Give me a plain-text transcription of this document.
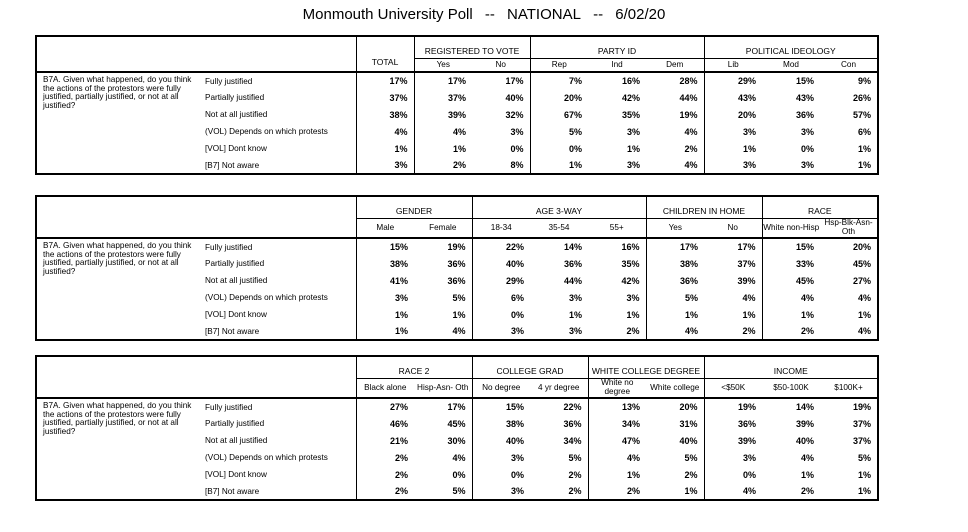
Monmouth University Poll -- NATIONAL -- 6/02/20
		TOTAL	REGISTERED TO VOTE		PARTY ID			POLITICAL IDEOLOGY		
			Yes	No	Rep	Ind	Dem	Lib	Mod	Con
B7A. Given what happened, do you think the actions of the protestors were fully justified, partially justified, or not at all justified?	Fully justified	17%	17%	17%	7%	16%	28%	29%	15%	9%
	Partially justified	37%	37%	40%	20%	42%	44%	43%	43%	26%
	Not at all justified	38%	39%	32%	67%	35%	19%	20%	36%	57%
	(VOL) Depends on which protests	4%	4%	3%	5%	3%	4%	3%	3%	6%
	[VOL] Dont know	1%	1%	0%	0%	1%	2%	1%	0%	1%
	[B7] Not aware	3%	2%	8%	1%	3%	4%	3%	3%	1%
		GENDER		AGE 3-WAY			CHILDREN IN HOME		RACE	
		Male	Female	18-34	35-54	55+	Yes	No	White non-Hisp	Hsp-Blk-Asn-Oth
B7A. Given what happened, do you think the actions of the protestors were fully justified, partially justified, or not at all justified?	Fully justified	15%	19%	22%	14%	16%	17%	17%	15%	20%
	Partially justified	38%	36%	40%	36%	35%	38%	37%	33%	45%
	Not at all justified	41%	36%	29%	44%	42%	36%	39%	45%	27%
	(VOL) Depends on which protests	3%	5%	6%	3%	3%	5%	4%	4%	4%
	[VOL] Dont know	1%	1%	0%	1%	1%	1%	1%	1%	1%
	[B7] Not aware	1%	4%	3%	3%	2%	4%	2%	2%	4%
		RACE 2		COLLEGE GRAD		WHITE COLLEGE DEGREE		INCOME		
		Black alone	Hisp-Asn- Oth	No degree	4 yr degree	White no degree	White college	<$50K	$50-100K	$100K+
B7A. Given what happened, do you think the actions of the protestors were fully justified, partially justified, or not at all justified?	Fully justified	27%	17%	15%	22%	13%	20%	19%	14%	19%
	Partially justified	46%	45%	38%	36%	34%	31%	36%	39%	37%
	Not at all justified	21%	30%	40%	34%	47%	40%	39%	40%	37%
	(VOL) Depends on which protests	2%	4%	3%	5%	4%	5%	3%	4%	5%
	[VOL] Dont know	2%	0%	0%	2%	1%	2%	0%	1%	1%
	[B7] Not aware	2%	5%	3%	2%	2%	1%	4%	2%	1%
